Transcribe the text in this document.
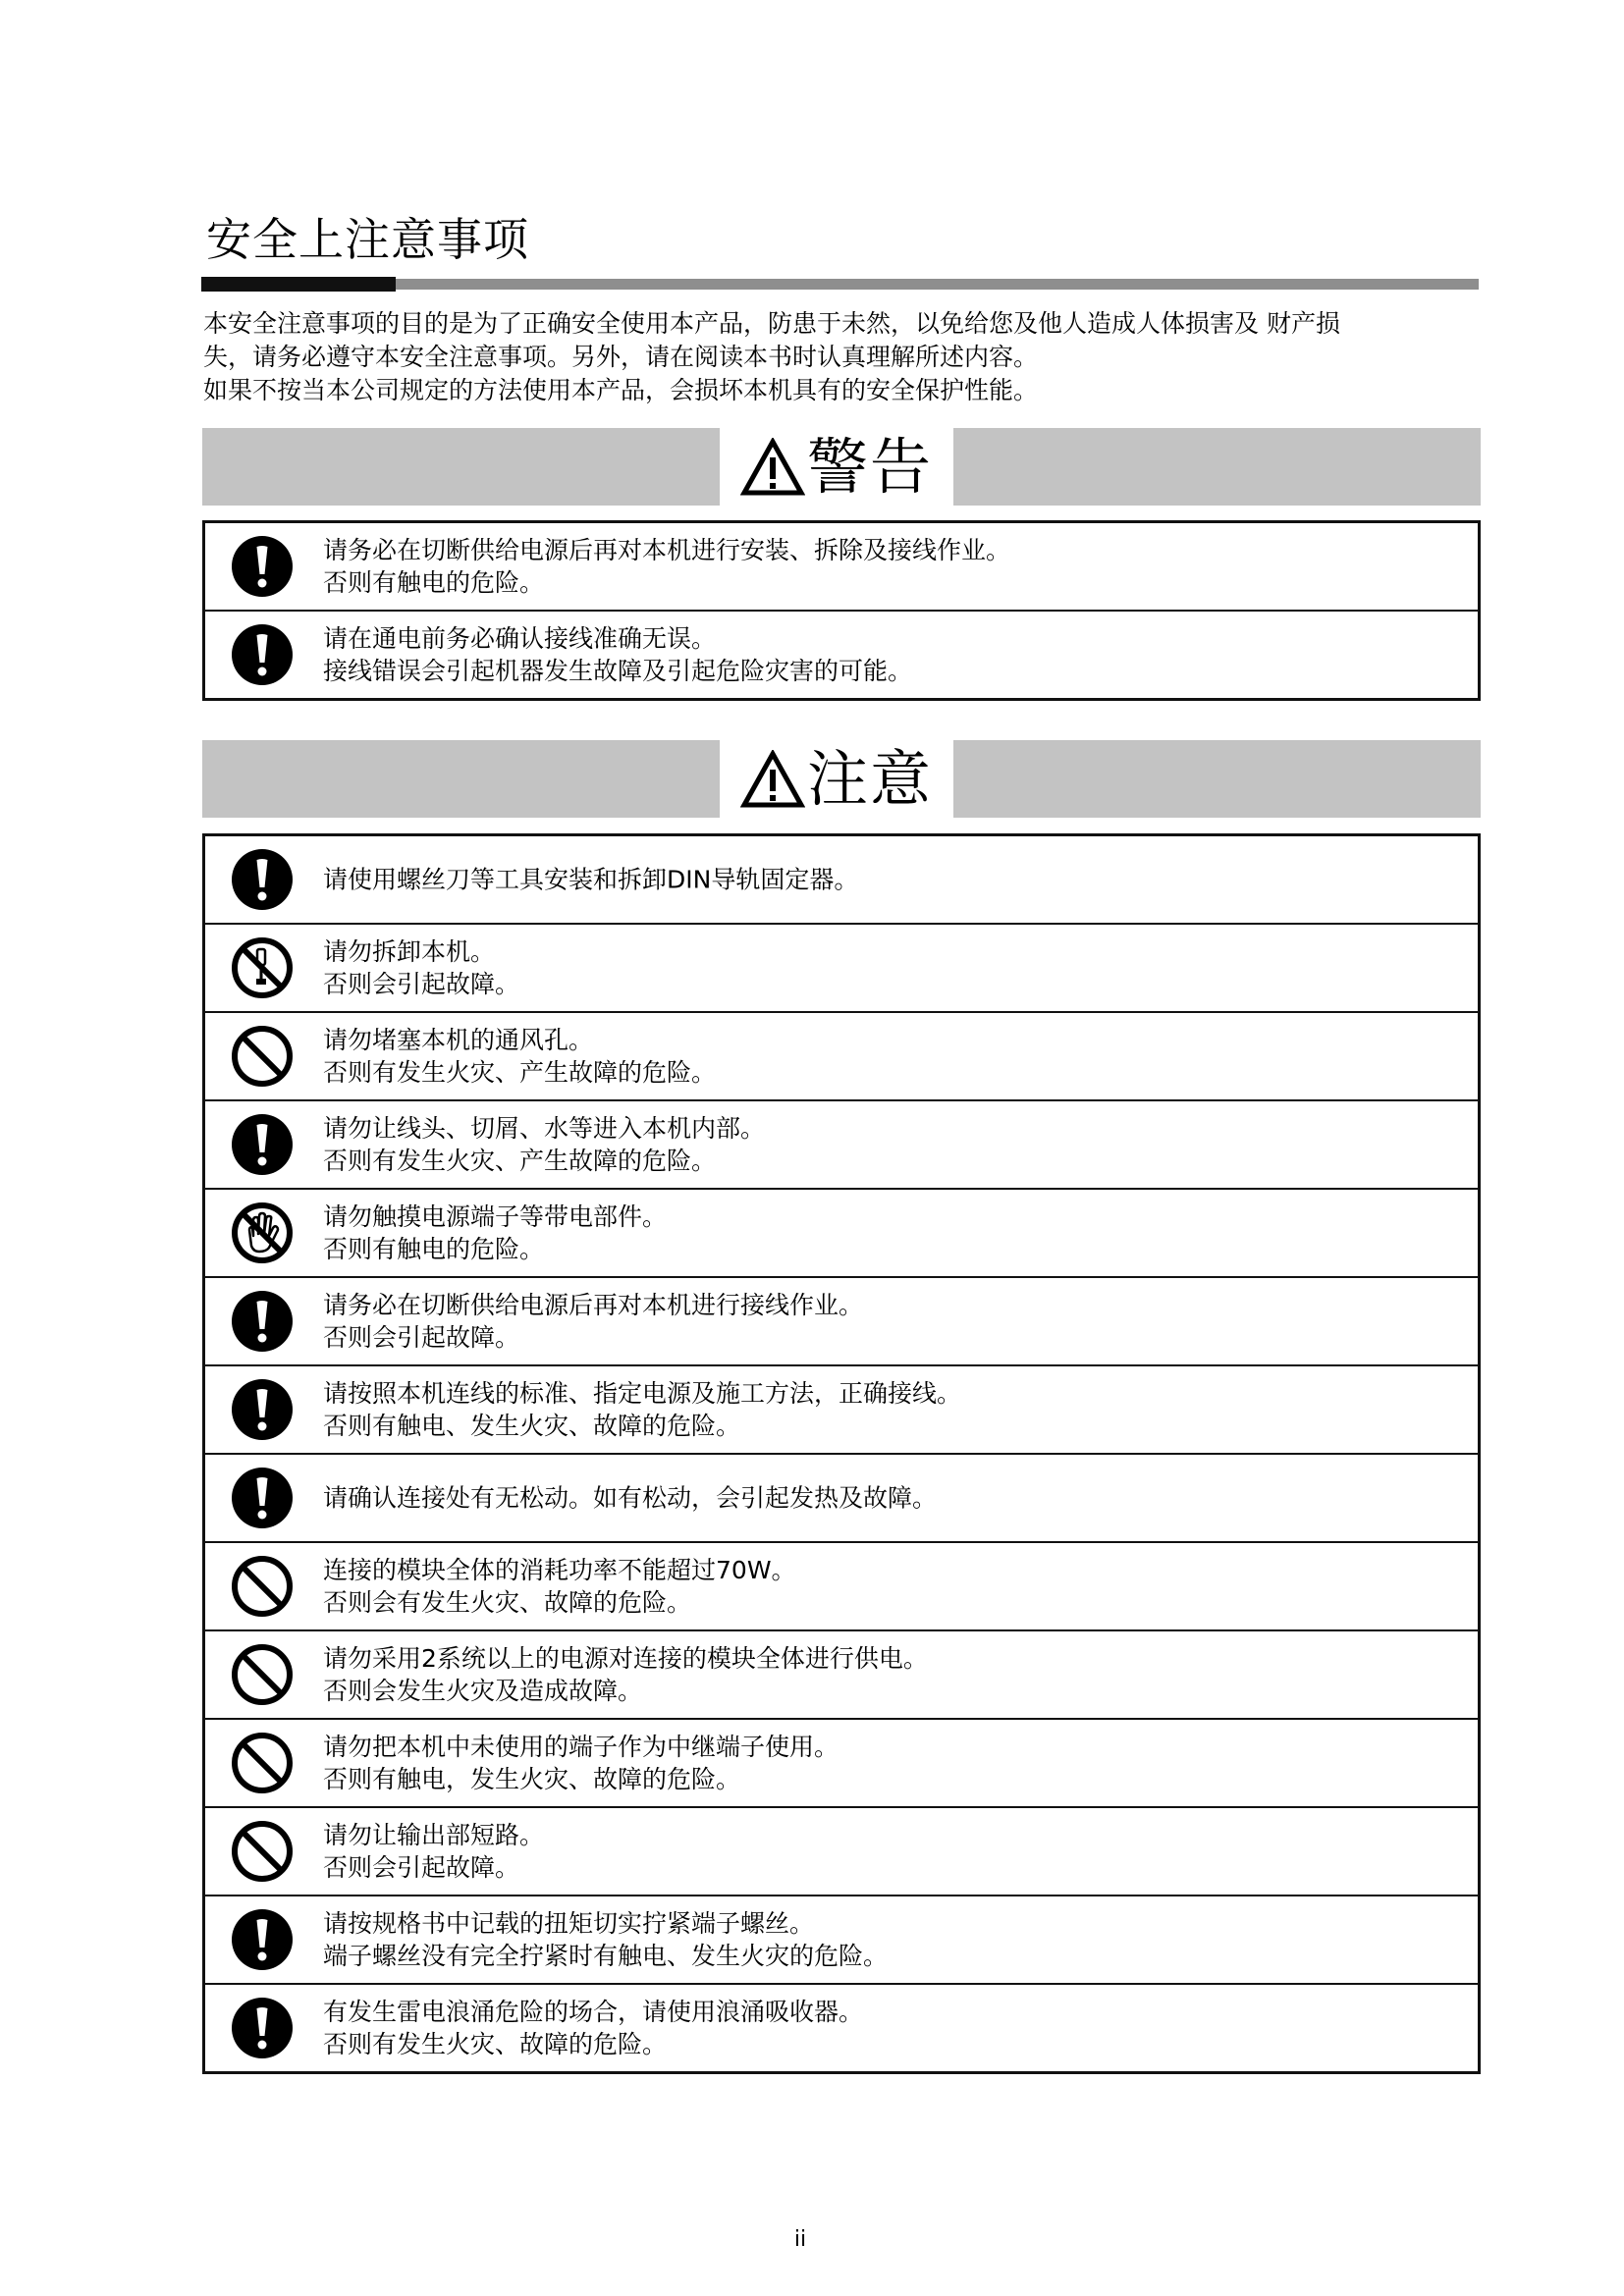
安全上注意事项

本安全注意事项的目的是为了正确安全使用本产品，防患于未然，以免给您及他人造成人体损害及 财产损

失，请务必遵守本安全注意事项。另外，请在阅读本书时认真理解所述内容。

如果不按当本公司规定的方法使用本产品，会损坏本机具有的安全保护性能。

警告
请务必在切断供给电源后再对本机进行安装、拆除及接线作业。
否则有触电的危险。
请在通电前务必确认接线准确无误。
接线错误会引起机器发生故障及引起危险灾害的可能。
注意
请使用螺丝刀等工具安装和拆卸DIN导轨固定器。
请勿拆卸本机。
否则会引起故障。
请勿堵塞本机的通风孔。
否则有发生火灾、产生故障的危险。
请勿让线头、切屑、水等进入本机内部。
否则有发生火灾、产生故障的危险。
请勿触摸电源端子等带电部件。
否则有触电的危险。
请务必在切断供给电源后再对本机进行接线作业。
否则会引起故障。
请按照本机连线的标准、指定电源及施工方法，正确接线。
否则有触电、发生火灾、故障的危险。
请确认连接处有无松动。如有松动，会引起发热及故障。
连接的模块全体的消耗功率不能超过70W。
否则会有发生火灾、故障的危险。
请勿采用2系统以上的电源对连接的模块全体进行供电。
否则会发生火灾及造成故障。
请勿把本机中未使用的端子作为中继端子使用。
否则有触电，发生火灾、故障的危险。
请勿让输出部短路。
否则会引起故障。
请按规格书中记载的扭矩切实拧紧端子螺丝。
端子螺丝没有完全拧紧时有触电、发生火灾的危险。
有发生雷电浪涌危险的场合，请使用浪涌吸收器。
否则有发生火灾、故障的危险。
ii
